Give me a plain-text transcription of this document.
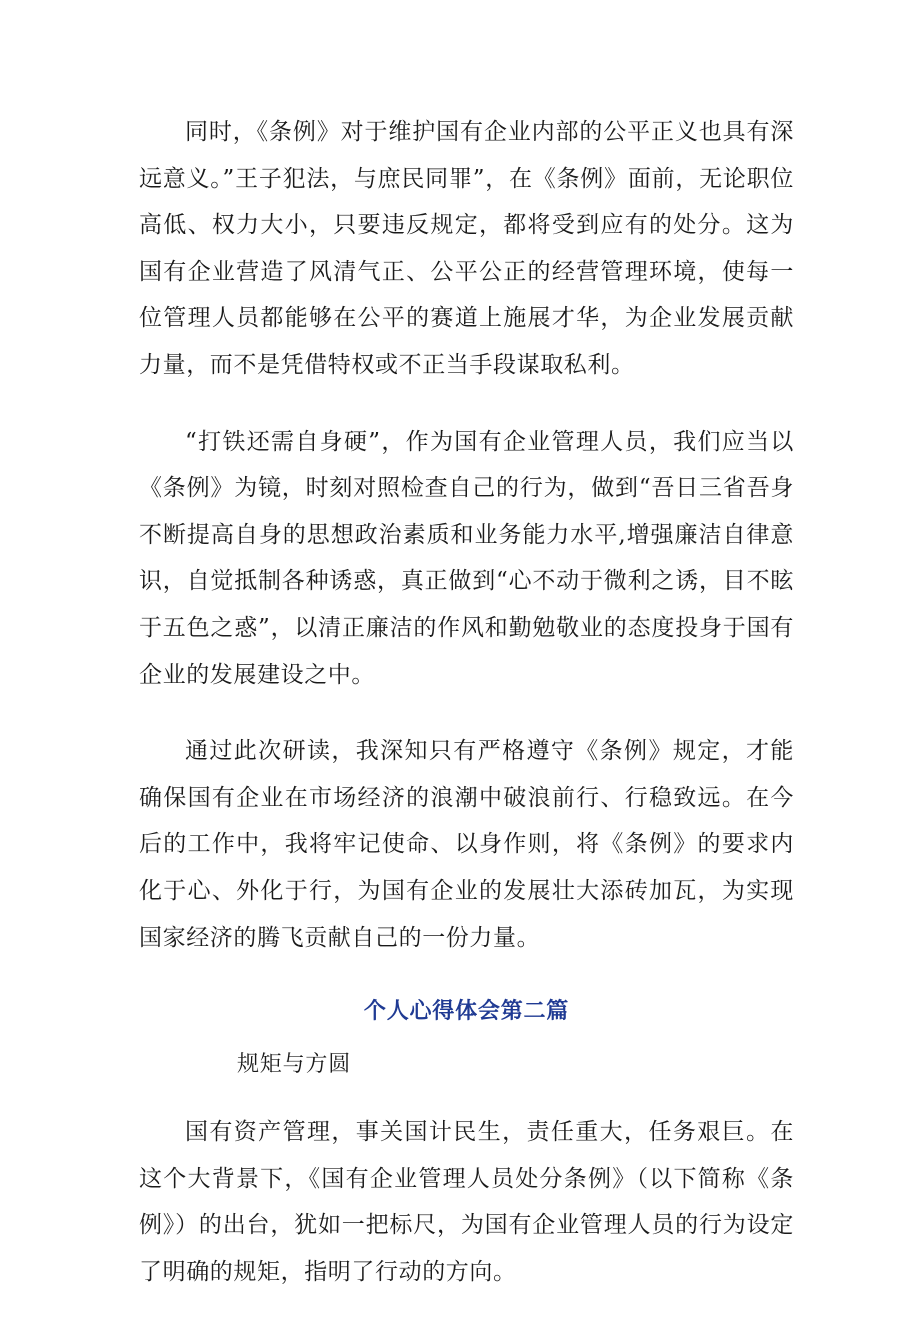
同时，《条例》对于维护国有企业内部的公平正义也具有深远意义。”王子犯法，与庶民同罪”，在《条例》面前，无论职位高低、权力大小，只要违反规定，都将受到应有的处分。这为国有企业营造了风清气正、公平公正的经营管理环境，使每一位管理人员都能够在公平的赛道上施展才华，为企业发展贡献力量，而不是凭借特权或不正当手段谋取私利。

“打铁还需自身硬”，作为国有企业管理人员，我们应当以《条例》为镜，时刻对照检查自己的行为，做到“吾日三省吾身不断提高自身的思想政治素质和业务能力水平,增强廉洁自律意识，自觉抵制各种诱惑，真正做到“心不动于微利之诱，目不眩于五色之惑”，以清正廉洁的作风和勤勉敬业的态度投身于国有企业的发展建设之中。

通过此次研读，我深知只有严格遵守《条例》规定，才能确保国有企业在市场经济的浪潮中破浪前行、行稳致远。在今后的工作中，我将牢记使命、以身作则，将《条例》的要求内化于心、外化于行，为国有企业的发展壮大添砖加瓦，为实现国家经济的腾飞贡献自己的一份力量。

个人心得体会第二篇
规矩与方圆

国有资产管理，事关国计民生，责任重大，任务艰巨。在这个大背景下，《国有企业管理人员处分条例》（以下简称《条例》）的出台，犹如一把标尺，为国有企业管理人员的行为设定了明确的规矩，指明了行动的方向。
